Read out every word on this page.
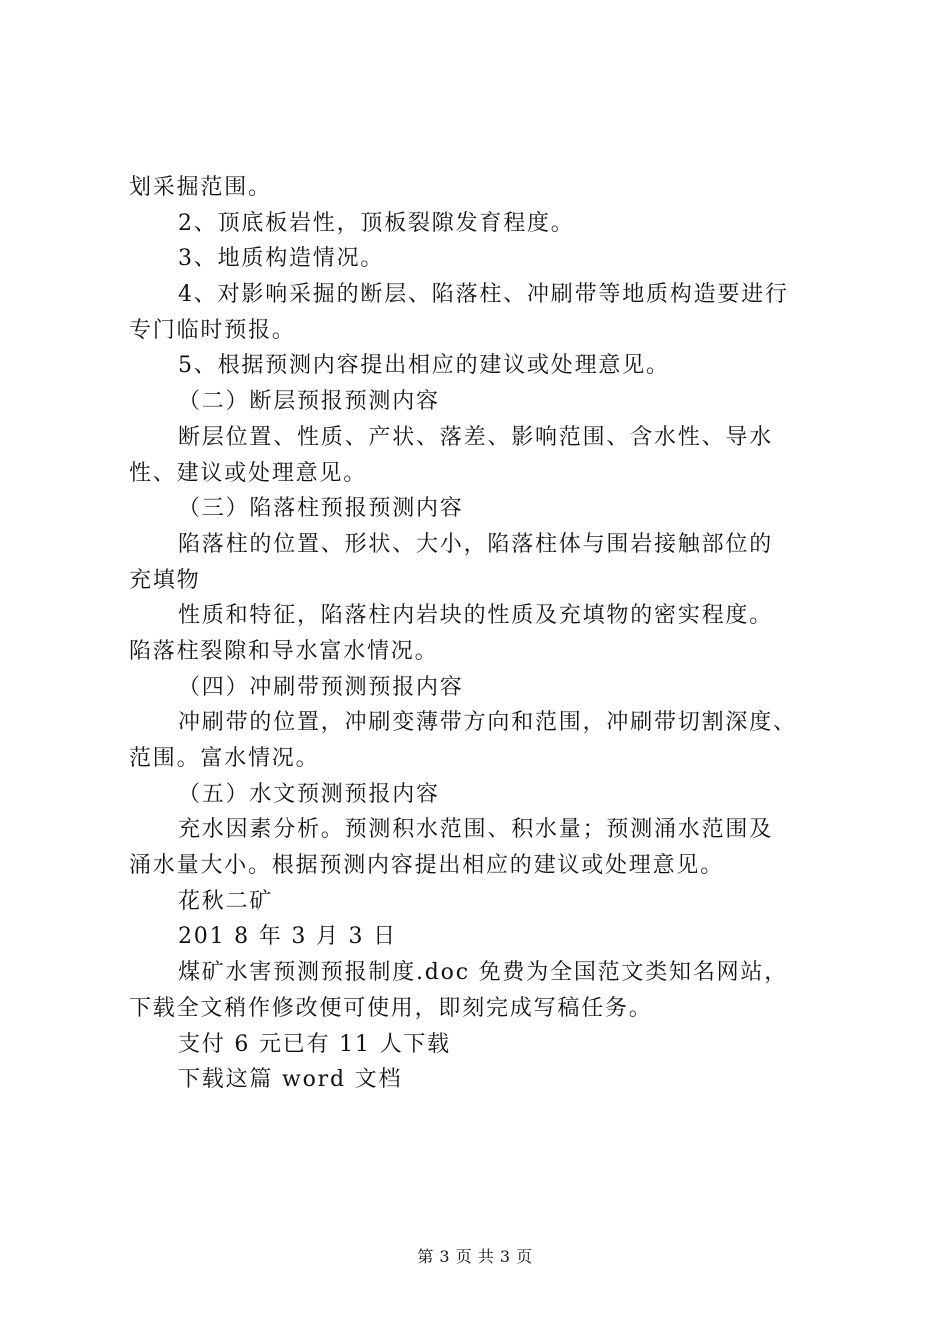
划采掘范围。
2、顶底板岩性，顶板裂隙发育程度。
3、地质构造情况。
4、对影响采掘的断层、陷落柱、冲刷带等地质构造要进行
专门临时预报。
5、根据预测内容提出相应的建议或处理意见。
（二）断层预报预测内容
断层位置、性质、产状、落差、影响范围、含水性、导水
性、建议或处理意见。
（三）陷落柱预报预测内容
陷落柱的位置、形状、大小，陷落柱体与围岩接触部位的
充填物
性质和特征，陷落柱内岩块的性质及充填物的密实程度。
陷落柱裂隙和导水富水情况。
（四）冲刷带预测预报内容
冲刷带的位置，冲刷变薄带方向和范围，冲刷带切割深度、
范围。富水情况。
（五）水文预测预报内容
充水因素分析。预测积水范围、积水量；预测涌水范围及
涌水量大小。根据预测内容提出相应的建议或处理意见。
花秋二矿
201 8 年 3 月 3 日
煤矿水害预测预报制度.doc 免费为全国范文类知名网站，
下载全文稍作修改便可使用，即刻完成写稿任务。
支付 6 元已有 11 人下载
下载这篇 word 文档
第 3 页 共 3 页
